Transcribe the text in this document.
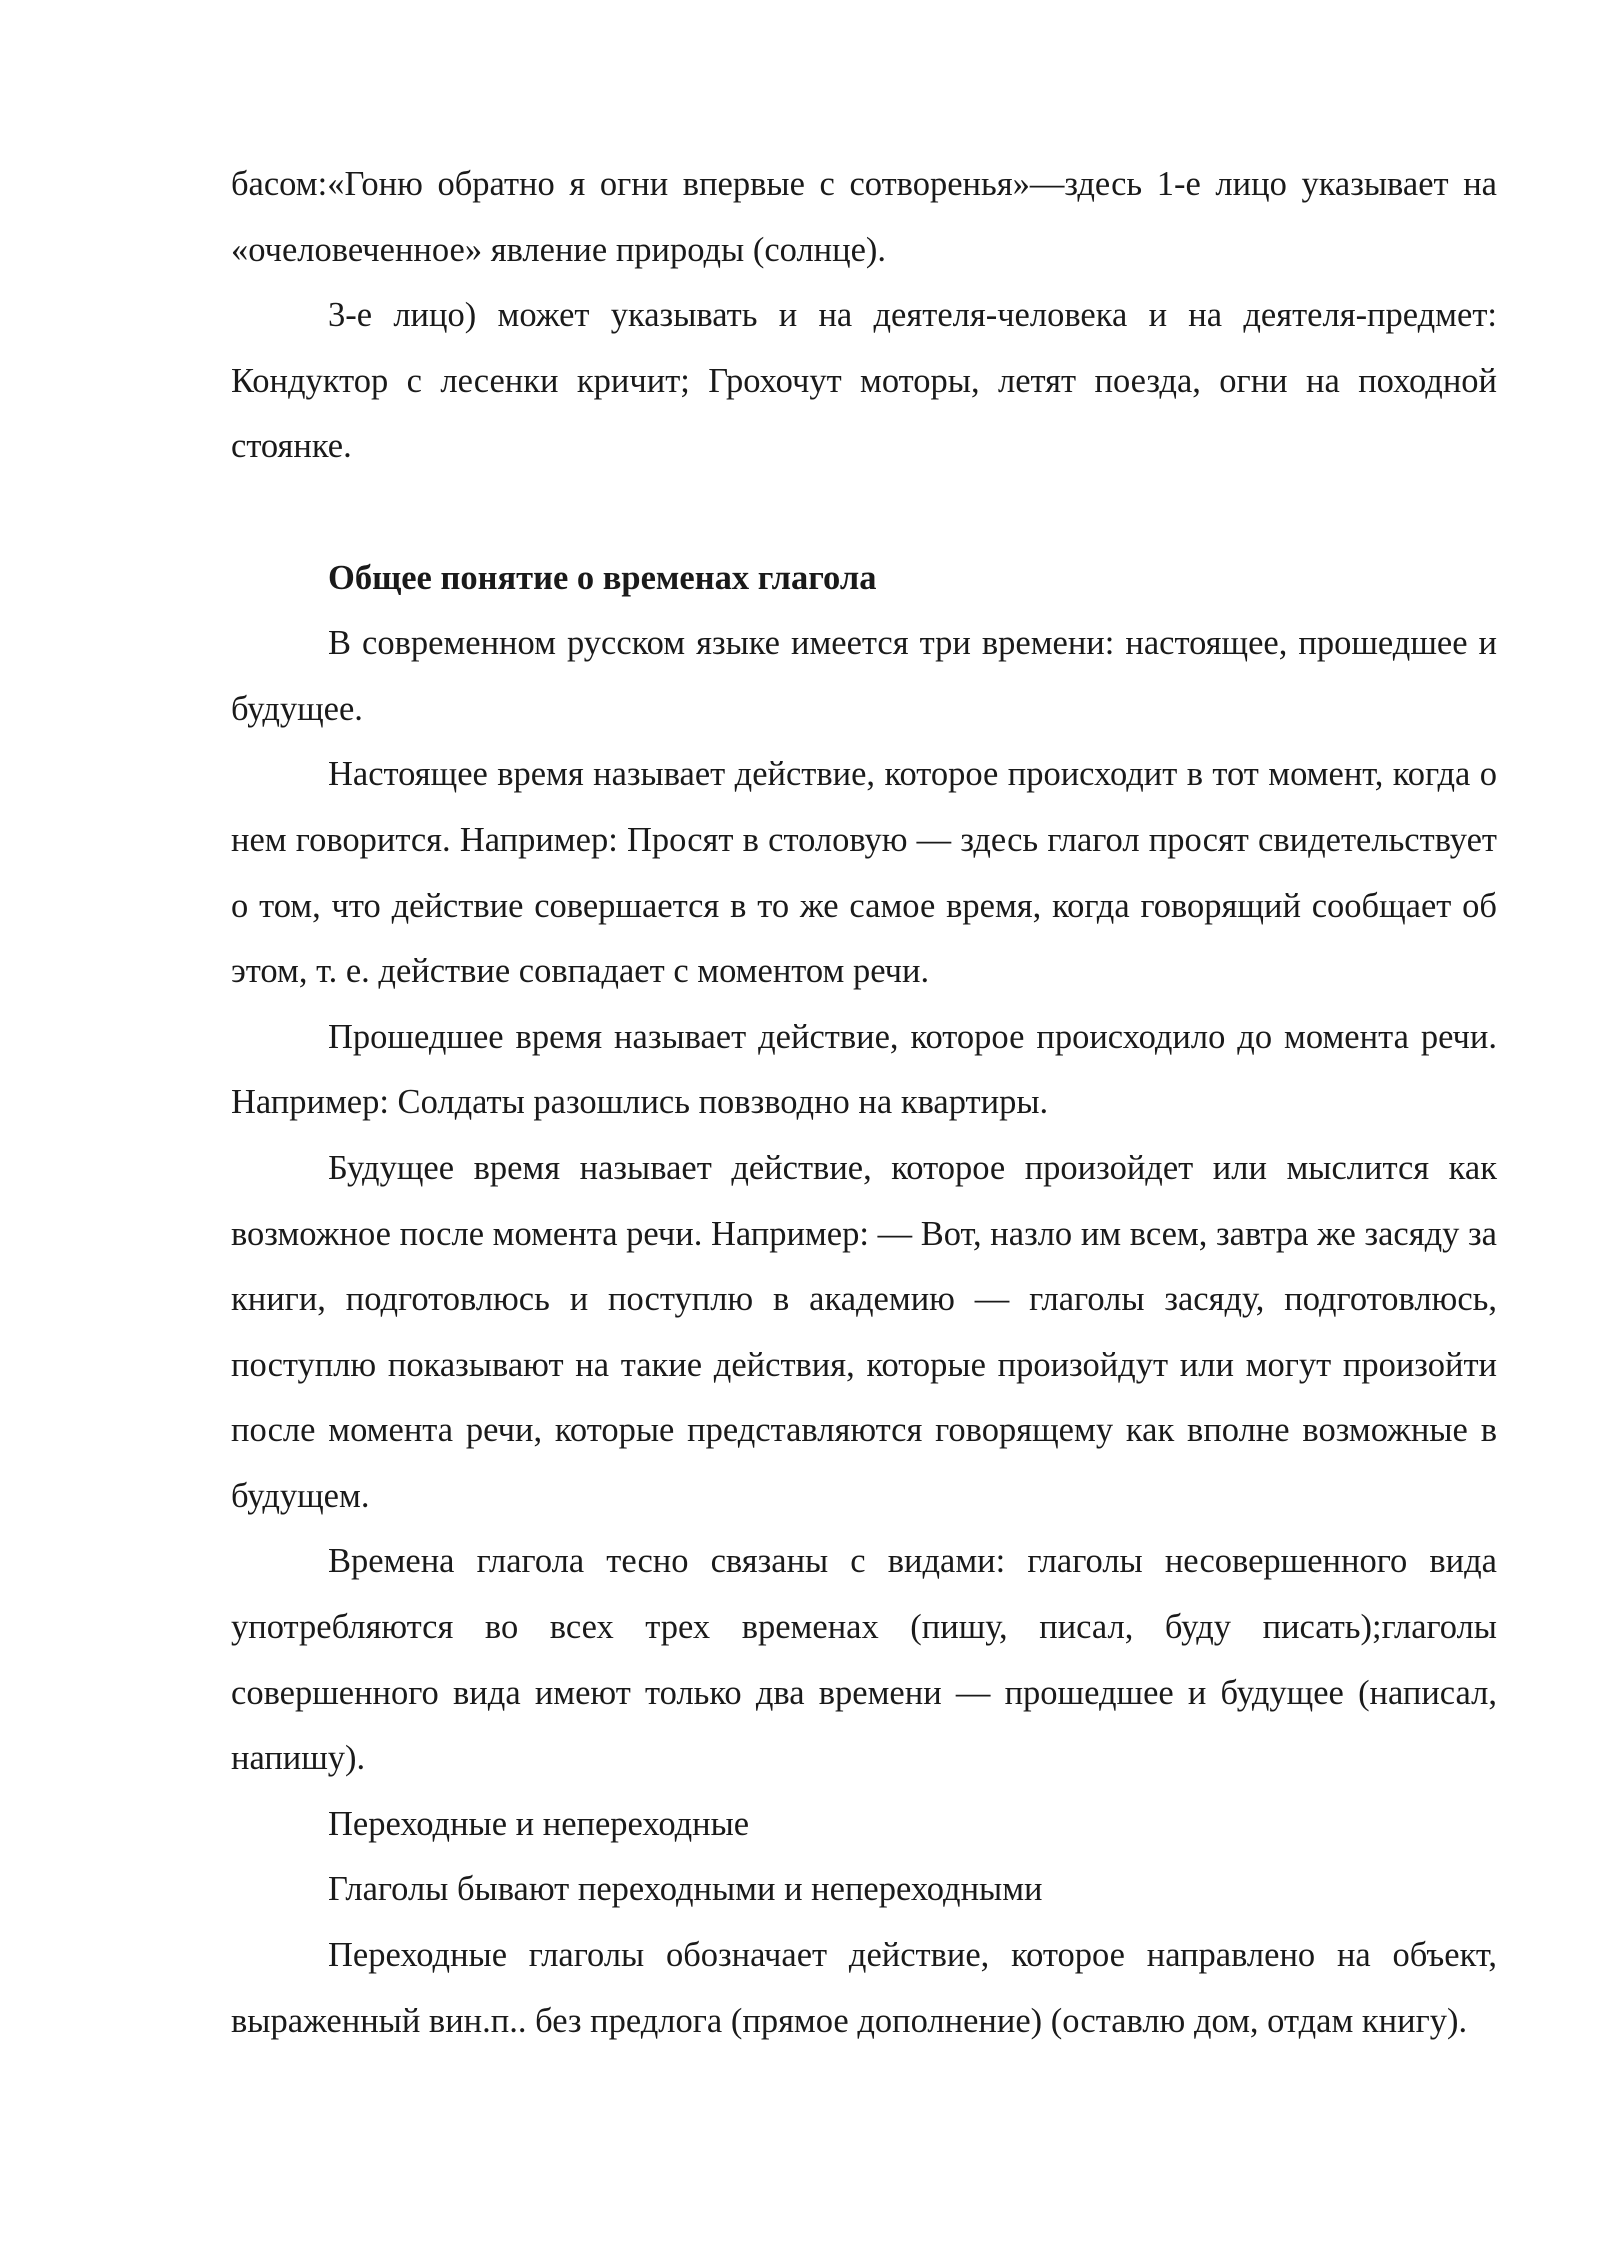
басом:«Гоню обратно я огни впервые с сотворенья»—здесь 1-е лицо указывает на «очеловеченное» явление природы (солнце).

3-е лицо) может указывать и на деятеля-человека и на деятеля-предмет: Кондуктор с лесенки кричит; Грохочут моторы, летят поезда, огни на походной стоянке.

Общее понятие о временах глагола

В современном русском языке имеется три времени: настоящее, прошедшее и будущее.

Настоящее время называет действие, которое происходит в тот момент, когда о нем говорится. Например: Просят в столовую — здесь глагол просят свидетельствует о том, что действие совершается в то же самое время, когда говорящий сообщает об этом, т. е. действие совпадает с моментом речи.

Прошедшее время называет действие, которое происходило до момента речи. Например: Солдаты разошлись повзводно на квартиры.

Будущее время называет действие, которое произойдет или мыслится как возможное после момента речи. Например: — Вот, назло им всем, завтра же засяду за книги, подготовлюсь и поступлю в академию — глаголы засяду, подготовлюсь, поступлю показывают на такие действия, которые произойдут или могут произойти после момента речи, которые представляются говорящему как вполне возможные в будущем.

Времена глагола тесно связаны с видами: глаголы несовершенного вида употребляются во всех трех временах (пишу, писал, буду писать);глаголы совершенного вида имеют только два времени — прошедшее и будущее (написал, напишу).

Переходные и непереходные

Глаголы бывают переходными и непереходными

Переходные глаголы обозначает действие, которое направлено на объект, выраженный вин.п.. без предлога (прямое дополнение) (оставлю дом, отдам книгу).
